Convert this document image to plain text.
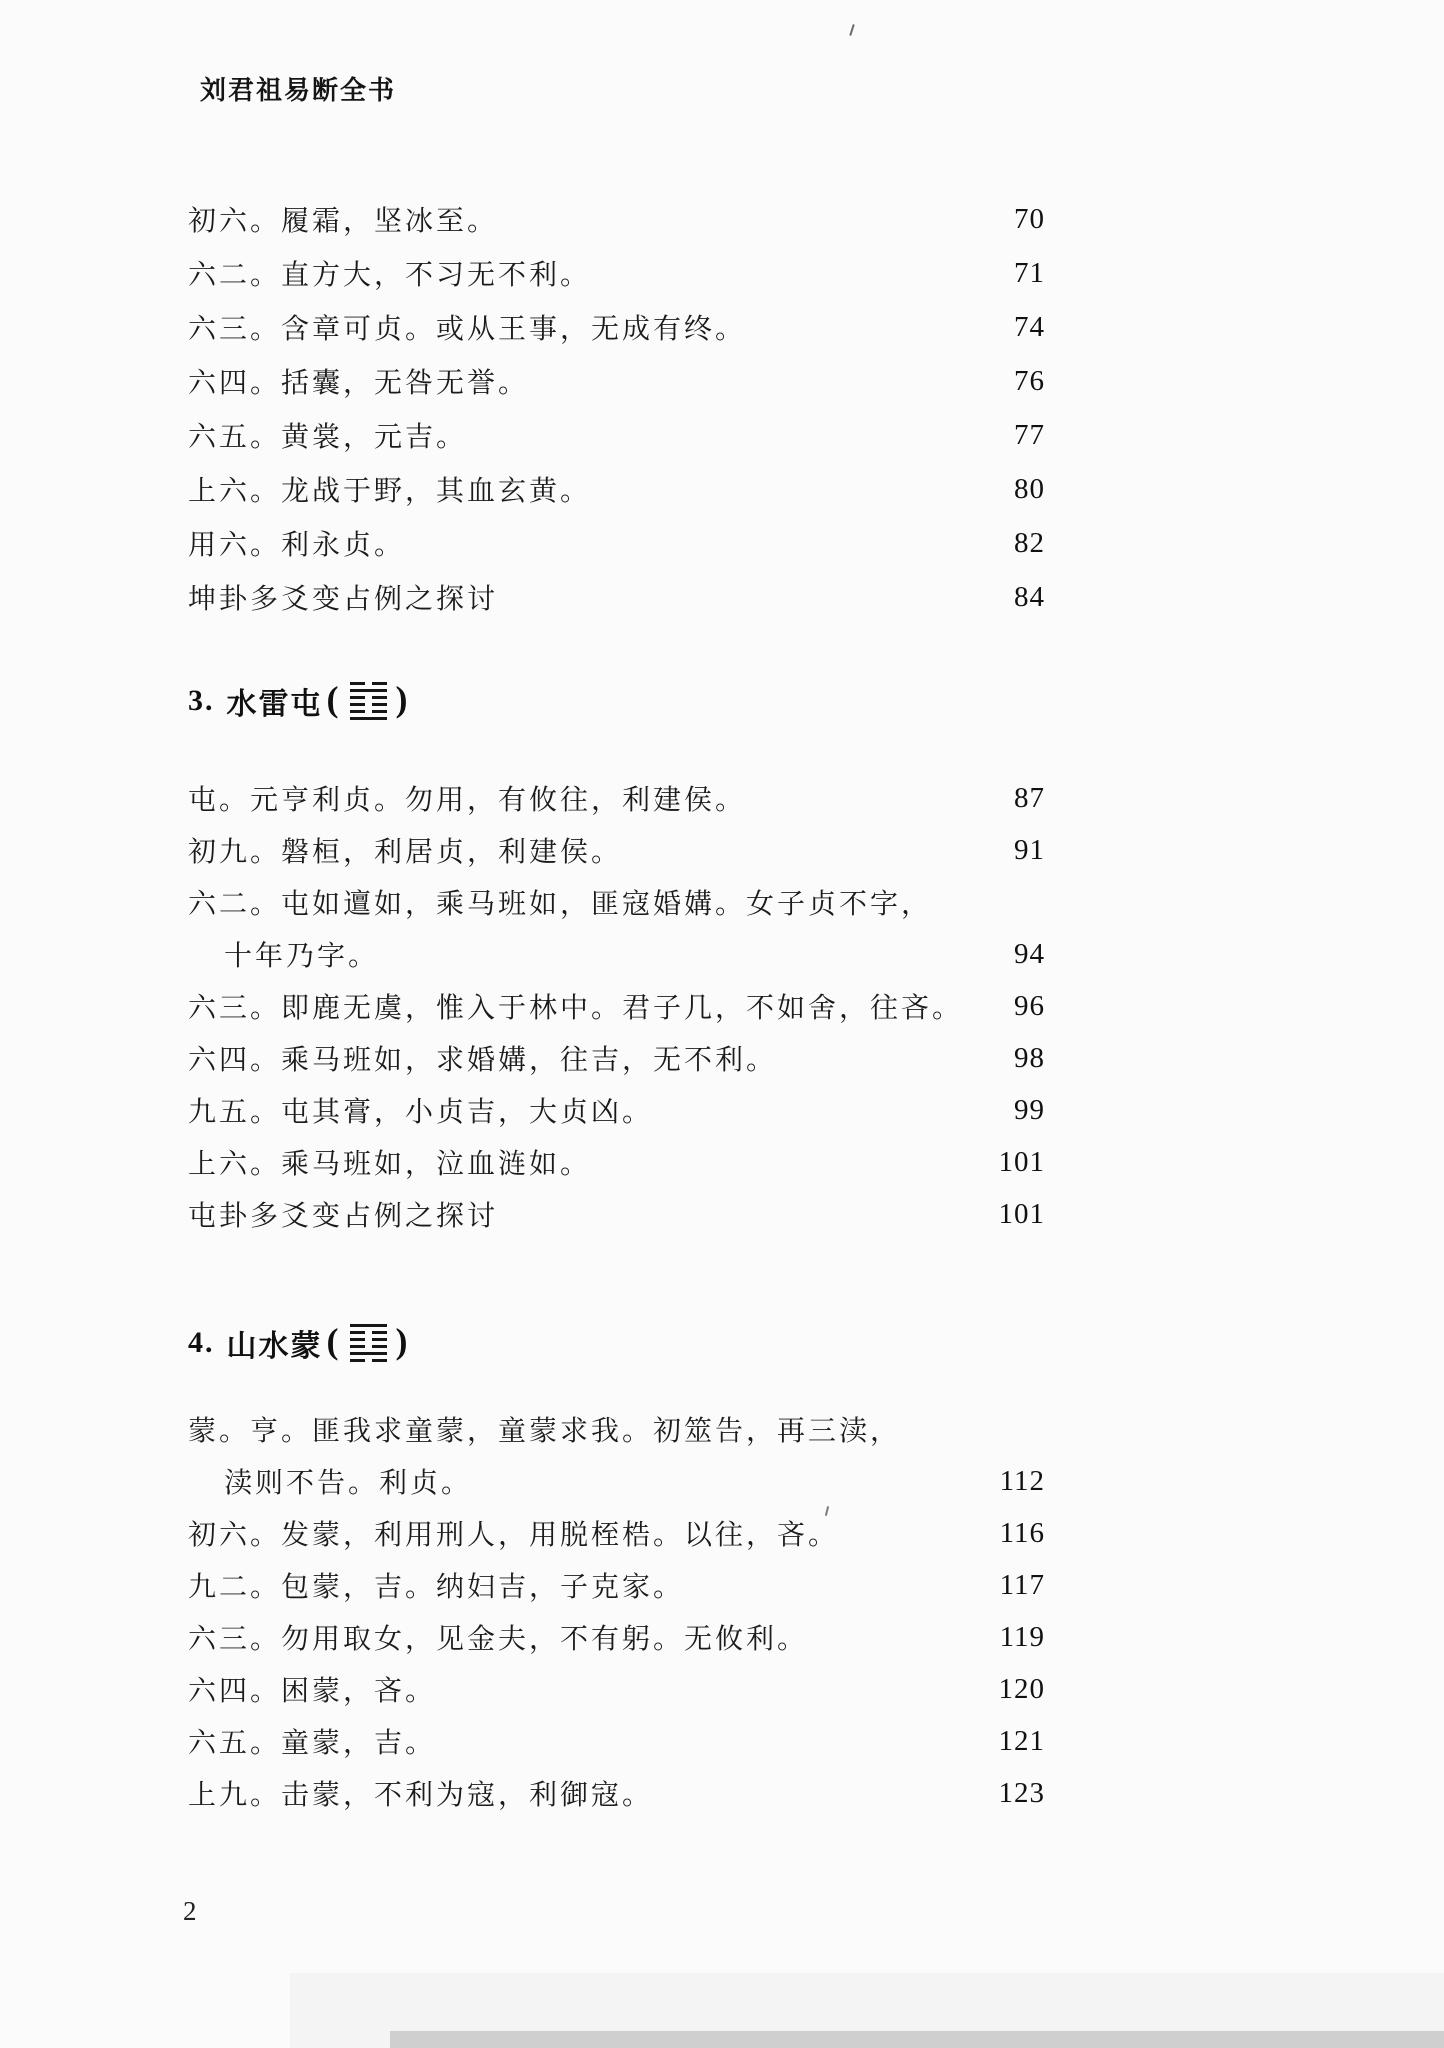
刘君祖易断全书
初六。履霜，坚冰至。	70
六二。直方大，不习无不利。	71
六三。含章可贞。或从王事，无成有终。	74
六四。括囊，无咎无誉。	76
六五。黄裳，元吉。	77
上六。龙战于野，其血玄黄。	80
用六。利永贞。	82
坤卦多爻变占例之探讨	84
3. 水雷屯 ( )
屯。元亨利贞。勿用，有攸往，利建侯。	87
初九。磐桓，利居贞，利建侯。	91
六二。屯如邅如，乘马班如，匪寇婚媾。女子贞不字，
十年乃字。	94
六三。即鹿无虞，惟入于林中。君子几，不如舍，往吝。 96
六四。乘马班如，求婚媾，往吉，无不利。	98
九五。屯其膏，小贞吉，大贞凶。	99
上六。乘马班如，泣血涟如。	101
屯卦多爻变占例之探讨	101
4. 山水蒙 ( )
蒙。亨。匪我求童蒙，童蒙求我。初筮告，再三渎，
渎则不告。利贞。	112
初六。发蒙，利用刑人，用脱桎梏。以往，吝。	116
九二。包蒙，吉。纳妇吉，子克家。	117
六三。勿用取女，见金夫，不有躬。无攸利。	119
六四。困蒙，吝。	120
六五。童蒙，吉。	121
上九。击蒙，不利为寇，利御寇。	123
2
